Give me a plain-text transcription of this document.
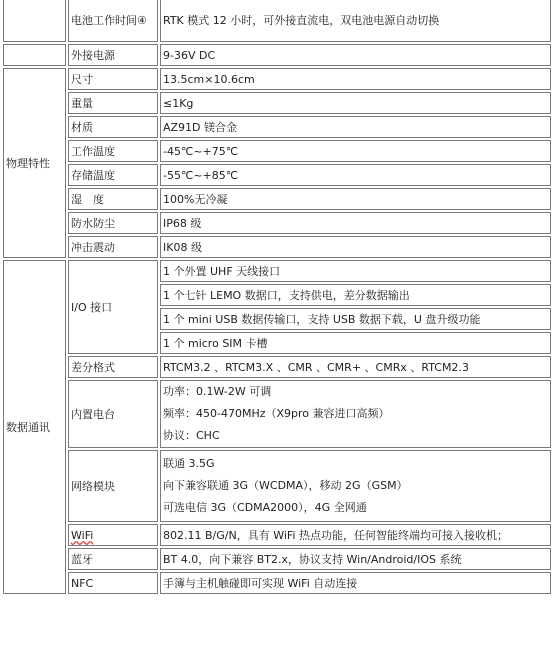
	电池工作时间④	RTK 模式 12 小时，可外接直流电，双电池电源自动切换
	外接电源	9-36V DC
物理特性	尺寸	13.5cm×10.6cm
	重量	≤1Kg
	材质	AZ91D 镁合金
	工作温度	-45℃~+75℃
	存储温度	-55℃~+85℃
	湿　度	100%无冷凝
	防水防尘	IP68 级
	冲击震动	IK08 级
数据通讯	I/O 接口	1 个外置 UHF 天线接口
		1 个七针 LEMO 数据口，支持供电，差分数据输出
		1 个 mini USB 数据传输口，支持 USB 数据下载，U 盘升级功能
		1 个 micro SIM 卡槽
	差分格式	RTCM3.2 、RTCM3.X 、CMR 、CMR+ 、CMRx 、RTCM2.3
	内置电台	功率：0.1W-2W 可调
频率：450-470MHz（X9pro 兼容进口高频）
协议：CHC

	网络模块	联通 3.5G
向下兼容联通 3G（WCDMA），移动 2G（GSM）
可选电信 3G（CDMA2000），4G 全网通

	WiFi	802.11 B/G/N，具有 WiFi 热点功能，任何智能终端均可接入接收机；
	蓝牙	BT 4.0，向下兼容 BT2.x，协议支持 Win/Android/IOS 系统
	NFC	手簿与主机触碰即可实现 WiFi 自动连接
